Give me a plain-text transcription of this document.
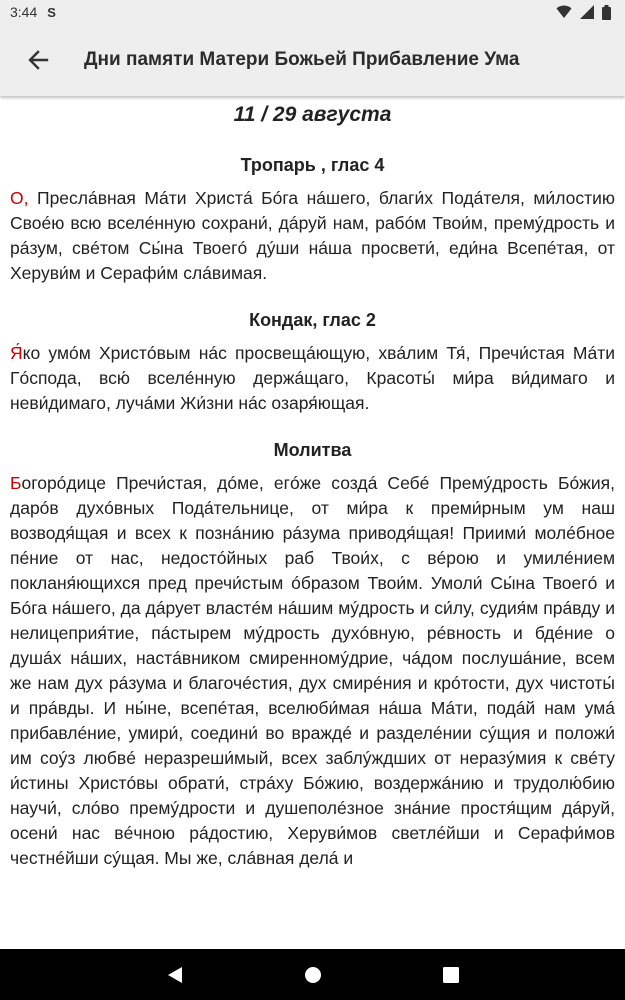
3:44 S
Дни памяти Матери Божьей Прибавление Ума
11 / 29 августа
Тропарь , глас 4

О, Преслáвная Мáти Христá Бóга нáшего, благи́х Подáтеля, ми́лостию Своéю всю вселéнную сохрани́, дáруй нам, рабóм Твои́м, премýдрость и рáзум, свéтом Сы́на Твоегó дýши нáша просвети́, еди́на Всепéтая, от Херуви́м и Серафи́м слáвимая.

Кондак, глас 2

Я́ко умóм Христóвым нáс просвещáющую, хвáлим Тя́, Пречи́стая Мáти Гóспода, всю́ вселéнную держáщаго, Красоты́ ми́ра ви́димаго и неви́димаго, лучáми Жи́зни нáс озаря́ющая.

Молитва

Богорóдице Пречи́стая, дóме, егóже создá Себé Премýдрость Бóжия, дарóв духóвных Подáтельнице, от ми́ра к преми́рным ум наш возводя́щая и всех к познáнию рáзума приводя́щая! Приими́ молéбное пéние от нас, недостóйных раб Твои́х, с вéрою и умилéнием покланя́ющихся пред пречи́стым óбразом Твои́м. Умоли́ Сы́на Твоегó и Бóга нáшего, да дáрует властéм нáшим мýдрость и си́лу, судия́м прáвду и нелицеприя́тие, пáстырем мýдрость духóвную, рéвность и бдéние о душáх нáших, настáвником смиренномýдрие, чáдом послушáние, всем же нам дух рáзума и благочéстия, дух смирéния и крóтости, дух чистоты́ и прáвды. И ны́не, всепéтая, вселюби́мая нáша Мáти, подáй нам умá прибавлéние, умири́, соедини́ во враждé и разделéнии сýщия и положи́ им соýз любвé неразреши́мый, всех заблýждших от неразýмия к свéту и́стины Христóвы обрати́, стрáху Бóжию, воздержáнию и трудолю́бию научи́, слóво премýдрости и душеполéзное знáние простя́щим дáруй, осени́ нас вéчною рáдостию, Херуви́мов светлéйши и Серафи́мов честнéйши сýщая. Мы же, слáвная делá и
